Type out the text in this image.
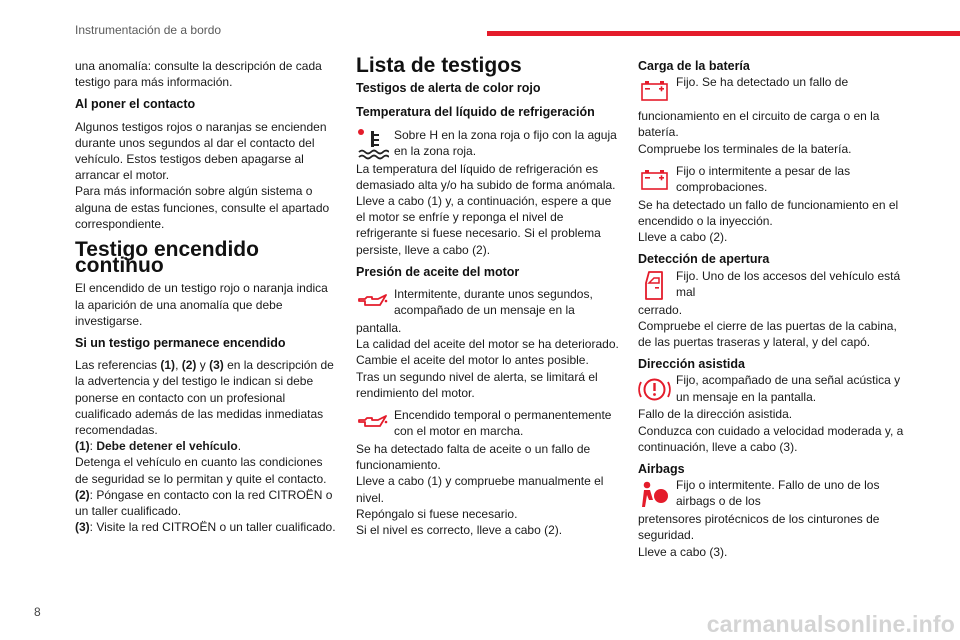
Instrumentación de a bordo

una anomalía: consulte la descripción de cada testigo para más información.

Al poner el contacto

Algunos testigos rojos o naranjas se encienden durante unos segundos al dar el contacto del vehículo. Estos testigos deben apagarse al arrancar el motor.
Para más información sobre algún sistema o alguna de estas funciones, consulte el apartado correspondiente.

Testigo encendido continuo

El encendido de un testigo rojo o naranja indica la aparición de una anomalía que debe investigarse.

Si un testigo permanece encendido

Las referencias (1), (2) y (3) en la descripción de la advertencia y del testigo le indican si debe ponerse en contacto con un profesional cualificado además de las medidas inmediatas recomendadas.
(1): Debe detener el vehículo.
Detenga el vehículo en cuanto las condiciones de seguridad se lo permitan y quite el contacto.
(2): Póngase en contacto con la red CITROËN o un taller cualificado.
(3): Visite la red CITROËN o un taller cualificado.

Lista de testigos
Testigos de alerta de color rojo
Temperatura del líquido de refrigeración
Sobre H en la zona roja o fijo con la aguja en la zona roja.

La temperatura del líquido de refrigeración es demasiado alta y/o ha subido de forma anómala. Lleve a cabo (1) y, a continuación, espere a que el motor se enfríe y reponga el nivel de refrigerante si fuese necesario. Si el problema persiste, lleve a cabo (2).

Presión de aceite del motor
Intermitente, durante unos segundos, acompañado de un mensaje en la

pantalla.
La calidad del aceite del motor se ha deteriorado.
Cambie el aceite del motor lo antes posible.
Tras un segundo nivel de alerta, se limitará el rendimiento del motor.

Encendido temporal o permanentemente con el motor en marcha.

Se ha detectado falta de aceite o un fallo de funcionamiento.
Lleve a cabo (1) y compruebe manualmente el nivel.
Repóngalo si fuese necesario.
Si el nivel es correcto, lleve a cabo (2).

Carga de la batería
Fijo. Se ha detectado un fallo de

funcionamiento en el circuito de carga o en la batería.
Compruebe los terminales de la batería.

Fijo o intermitente a pesar de las comprobaciones.

Se ha detectado un fallo de funcionamiento en el encendido o la inyección.
Lleve a cabo (2).

Detección de apertura
Fijo. Uno de los accesos del vehículo está mal

cerrado.
Compruebe el cierre de las puertas de la cabina, de las puertas traseras y lateral, y del capó.

Dirección asistida
Fijo, acompañado de una señal acústica y un mensaje en la pantalla.

Fallo de la dirección asistida.
Conduzca con cuidado a velocidad moderada y, a continuación, lleve a cabo (3).

Airbags
Fijo o intermitente. Fallo de uno de los airbags o de los

pretensores pirotécnicos de los cinturones de seguridad.
Lleve a cabo (3).

8	carmanualsonline.info
